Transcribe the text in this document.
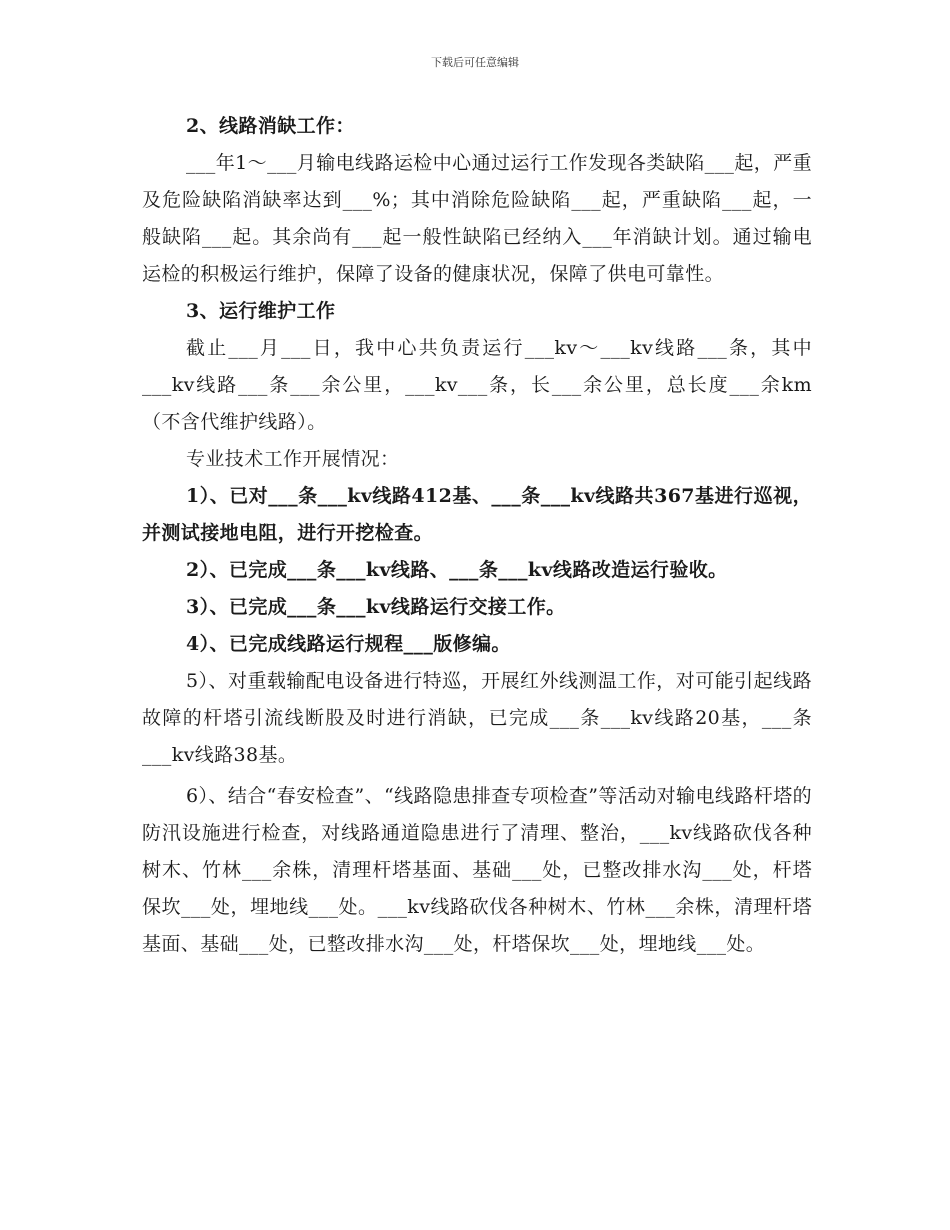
下载后可任意编辑

2、线路消缺工作：

___年1～___月输电线路运检中心通过运行工作发现各类缺陷___起，严重及危险缺陷消缺率达到___%；其中消除危险缺陷___起，严重缺陷___起，一般缺陷___起。其余尚有___起一般性缺陷已经纳入___年消缺计划。通过输电运检的积极运行维护，保障了设备的健康状况，保障了供电可靠性。

3、运行维护工作

截止___月___日，我中心共负责运行___kv～___kv线路___条，其中___kv线路___条___余公里，___kv___条，长___余公里，总长度___余km（不含代维护线路）。

专业技术工作开展情况：

1）、已对___条___kv线路412基、___条___kv线路共367基进行巡视，并测试接地电阻，进行开挖检查。

2）、已完成___条___kv线路、___条___kv线路改造运行验收。

3）、已完成___条___kv线路运行交接工作。

4）、已完成线路运行规程___版修编。

5）、对重载输配电设备进行特巡，开展红外线测温工作，对可能引起线路故障的杆塔引流线断股及时进行消缺，已完成___条___kv线路20基，___条___kv线路38基。

6）、结合“春安检查”、“线路隐患排查专项检查”等活动对输电线路杆塔的防汛设施进行检查，对线路通道隐患进行了清理、整治，___kv线路砍伐各种树木、竹林___余株，清理杆塔基面、基础___处，已整改排水沟___处，杆塔保坎___处，埋地线___处。___kv线路砍伐各种树木、竹林___余株，清理杆塔基面、基础___处，已整改排水沟___处，杆塔保坎___处，埋地线___处。
